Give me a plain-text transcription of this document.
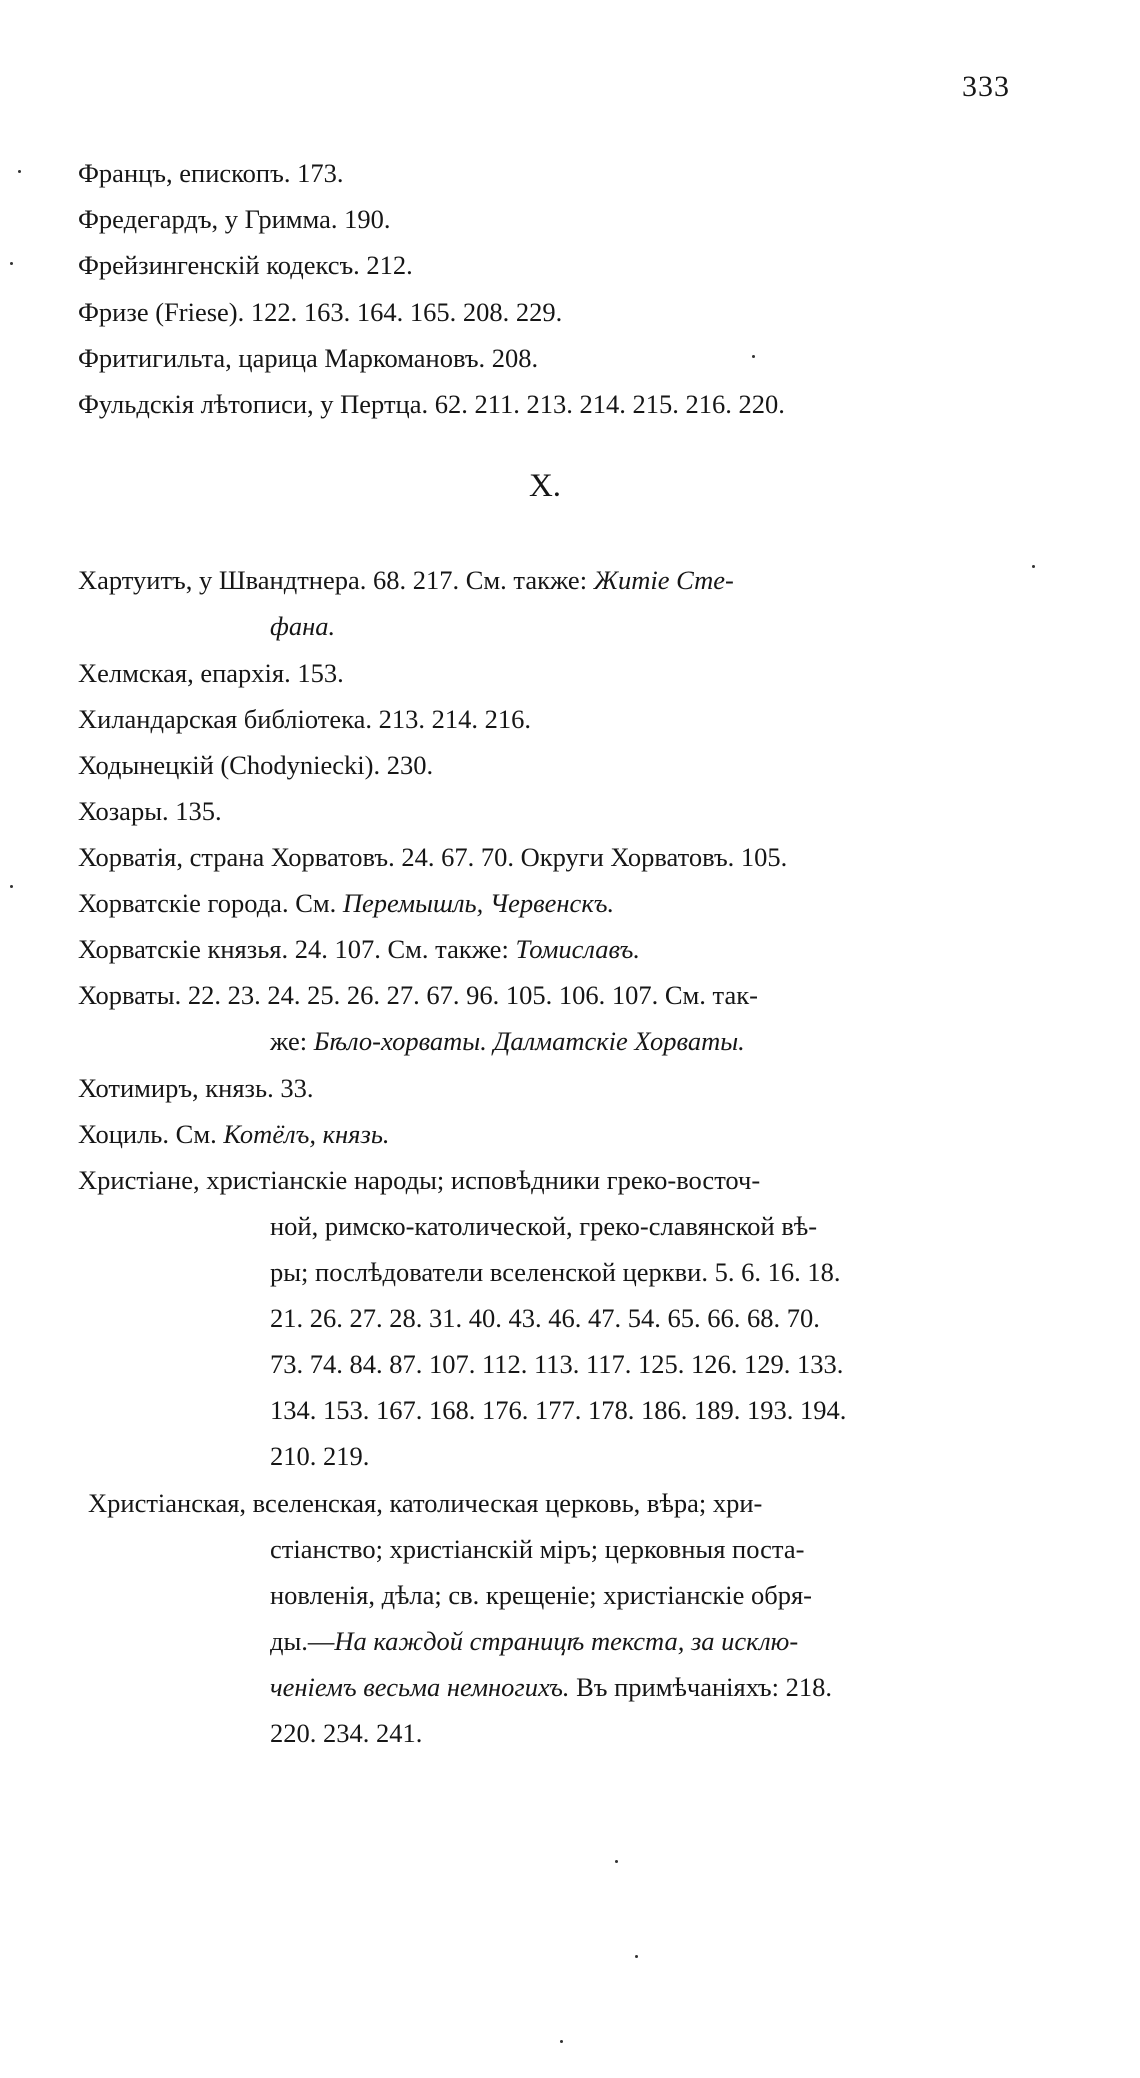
333
Францъ, епископъ. 173.
Фредегардъ, у Гримма. 190.
Фрейзингенскій кодексъ. 212.
Фризе (Friese). 122. 163. 164. 165. 208. 229.
Фритигильта, царица Маркомановъ. 208.
Фульдскія лѣтописи, у Пертца. 62. 211. 213. 214. 215. 216. 220.
Х.
Хартуитъ, у Швандтнера. 68. 217. См. также: Житіе Сте-
фана.
Хелмская, епархія. 153.
Хиландарская библіотека. 213. 214. 216.
Ходынецкій (Chodyniecki). 230.
Хозары. 135.
Хорватія, страна Хорватовъ. 24. 67. 70. Округи Хорватовъ. 105.
Хорватскіе города. См. Перемышль, Червенскъ.
Хорватскіе князья. 24. 107. См. также: Томиславъ.
Хорваты. 22. 23. 24. 25. 26. 27. 67. 96. 105. 106. 107. См. так-
же: Бѣло-хорваты. Далматскіе Хорваты.
Хотимиръ, князь. 33.
Хоциль. См. Котёлъ, князь.
Христіане, христіанскіе народы; исповѣдники греко-восточ-
ной, римско-католической, греко-славянской вѣ-
ры; послѣдователи вселенской церкви. 5. 6. 16. 18.
21. 26. 27. 28. 31. 40. 43. 46. 47. 54. 65. 66. 68. 70.
73. 74. 84. 87. 107. 112. 113. 117. 125. 126. 129. 133.
134. 153. 167. 168. 176. 177. 178. 186. 189. 193. 194.
210. 219.
Христіанская, вселенская, католическая церковь, вѣра; хри-
стіанство; христіанскій міръ; церковныя поста-
новленія, дѣла; св. крещеніе; христіанскіе обря-
ды.—На каждой страницѣ текста, за исклю-
ченіемъ весьма немногихъ. Въ примѣчаніяхъ: 218.
220. 234. 241.
